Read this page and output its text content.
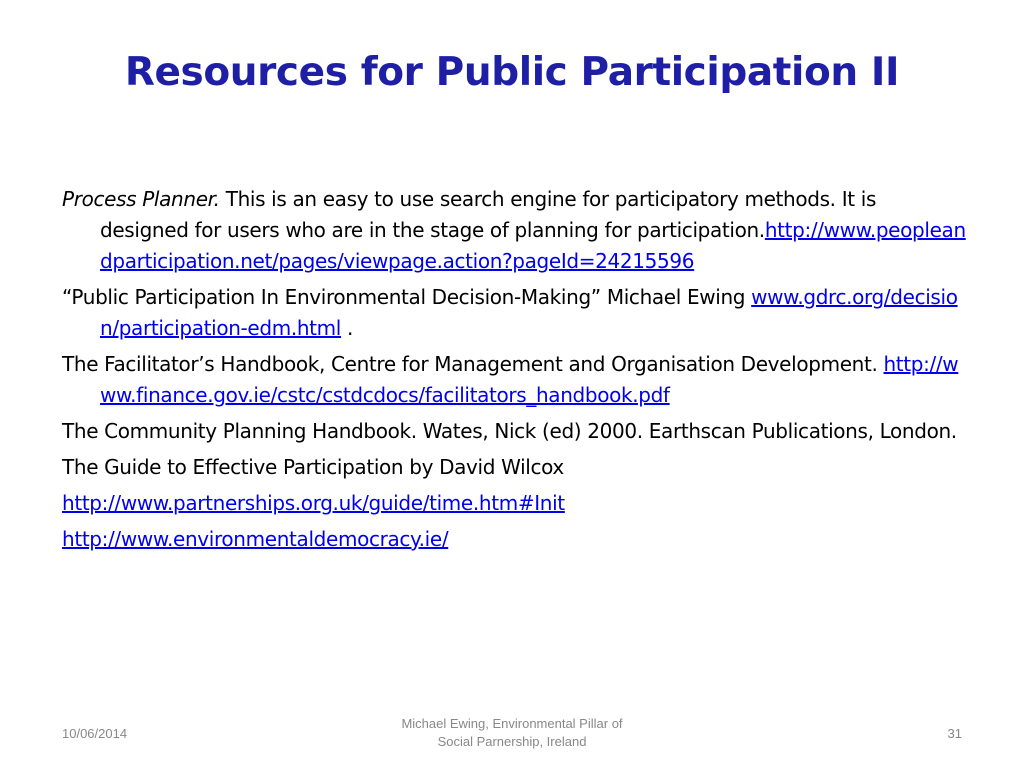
Resources for Public Participation II

Process Planner. This is an easy to use search engine for participatory methods. It is designed for users who are in the stage of planning for participation.http://www.peopleandparticipation.net/pages/viewpage.action?pageId=24215596

“Public Participation In Environmental Decision-Making” Michael Ewing www.gdrc.org/decision/participation-edm.html .

The Facilitator’s Handbook, Centre for Management and Organisation Development. http://www.finance.gov.ie/cstc/cstdcdocs/facilitators_handbook.pdf

The Community Planning Handbook. Wates, Nick (ed) 2000. Earthscan Publications, London.

The Guide to Effective Participation by David Wilcox

http://www.partnerships.org.uk/guide/time.htm#Init

http://www.environmentaldemocracy.ie/

10/06/2014
Michael Ewing, Environmental Pillar of
Social Parnership, Ireland
31
